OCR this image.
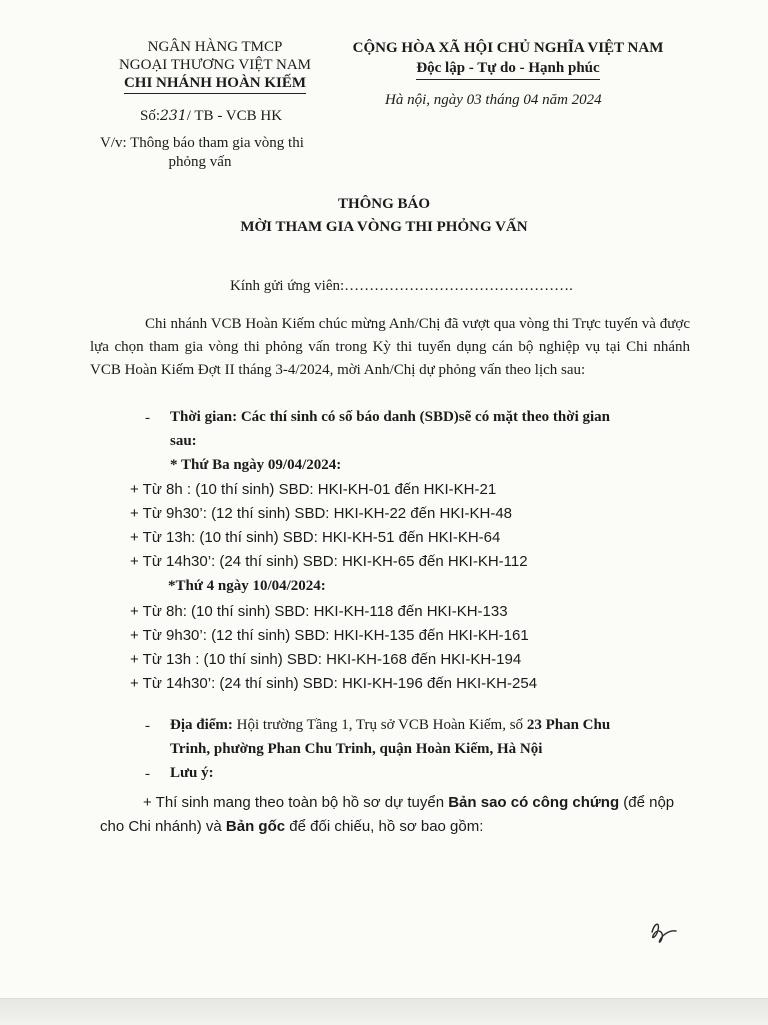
NGÂN HÀNG TMCP
NGOẠI THƯƠNG VIỆT NAM
CHI NHÁNH HOÀN KIẾM
CỘNG HÒA XÃ HỘI CHỦ NGHĨA VIỆT NAM
Độc lập - Tự do - Hạnh phúc
Hà nội, ngày 03 tháng 04 năm 2024
Số:231/ TB - VCB HK
V/v: Thông báo tham gia vòng thi
phỏng vấn
THÔNG BÁO
MỜI THAM GIA VÒNG THI PHỎNG VẤN
Kính gửi ứng viên:……………………………………….

Chi nhánh VCB Hoàn Kiếm chúc mừng Anh/Chị đã vượt qua vòng thi Trực tuyến và được lựa chọn tham gia vòng thi phỏng vấn trong Kỳ thi tuyển dụng cán bộ nghiệp vụ tại Chi nhánh VCB Hoàn Kiếm Đợt II tháng 3-4/2024, mời Anh/Chị dự phỏng vấn theo lịch sau:

- Thời gian: Các thí sinh có số báo danh (SBD)sẽ có mặt theo thời gian
sau:
* Thứ Ba ngày 09/04/2024:
+ Từ 8h : (10 thí sinh) SBD: HKI-KH-01 đến HKI-KH-21
+ Từ 9h30’: (12 thí sinh) SBD: HKI-KH-22 đến HKI-KH-48
+ Từ 13h: (10 thí sinh) SBD: HKI-KH-51 đến HKI-KH-64
+ Từ 14h30’: (24 thí sinh) SBD: HKI-KH-65 đến HKI-KH-112
*Thứ 4 ngày 10/04/2024:
+ Từ 8h: (10 thí sinh) SBD: HKI-KH-118 đến HKI-KH-133
+ Từ 9h30’: (12 thí sinh) SBD: HKI-KH-135 đến HKI-KH-161
+ Từ 13h : (10 thí sinh) SBD: HKI-KH-168 đến HKI-KH-194
+ Từ 14h30’: (24 thí sinh) SBD: HKI-KH-196 đến HKI-KH-254
- Địa điểm: Hội trường Tầng 1, Trụ sở VCB Hoàn Kiếm, số 23 Phan Chu
Trinh, phường Phan Chu Trinh, quận Hoàn Kiếm, Hà Nội
- Lưu ý:
+ Thí sinh mang theo toàn bộ hồ sơ dự tuyển Bản sao có công chứng (để nộp
cho Chi nhánh) và Bản gốc để đối chiếu, hồ sơ bao gồm:
